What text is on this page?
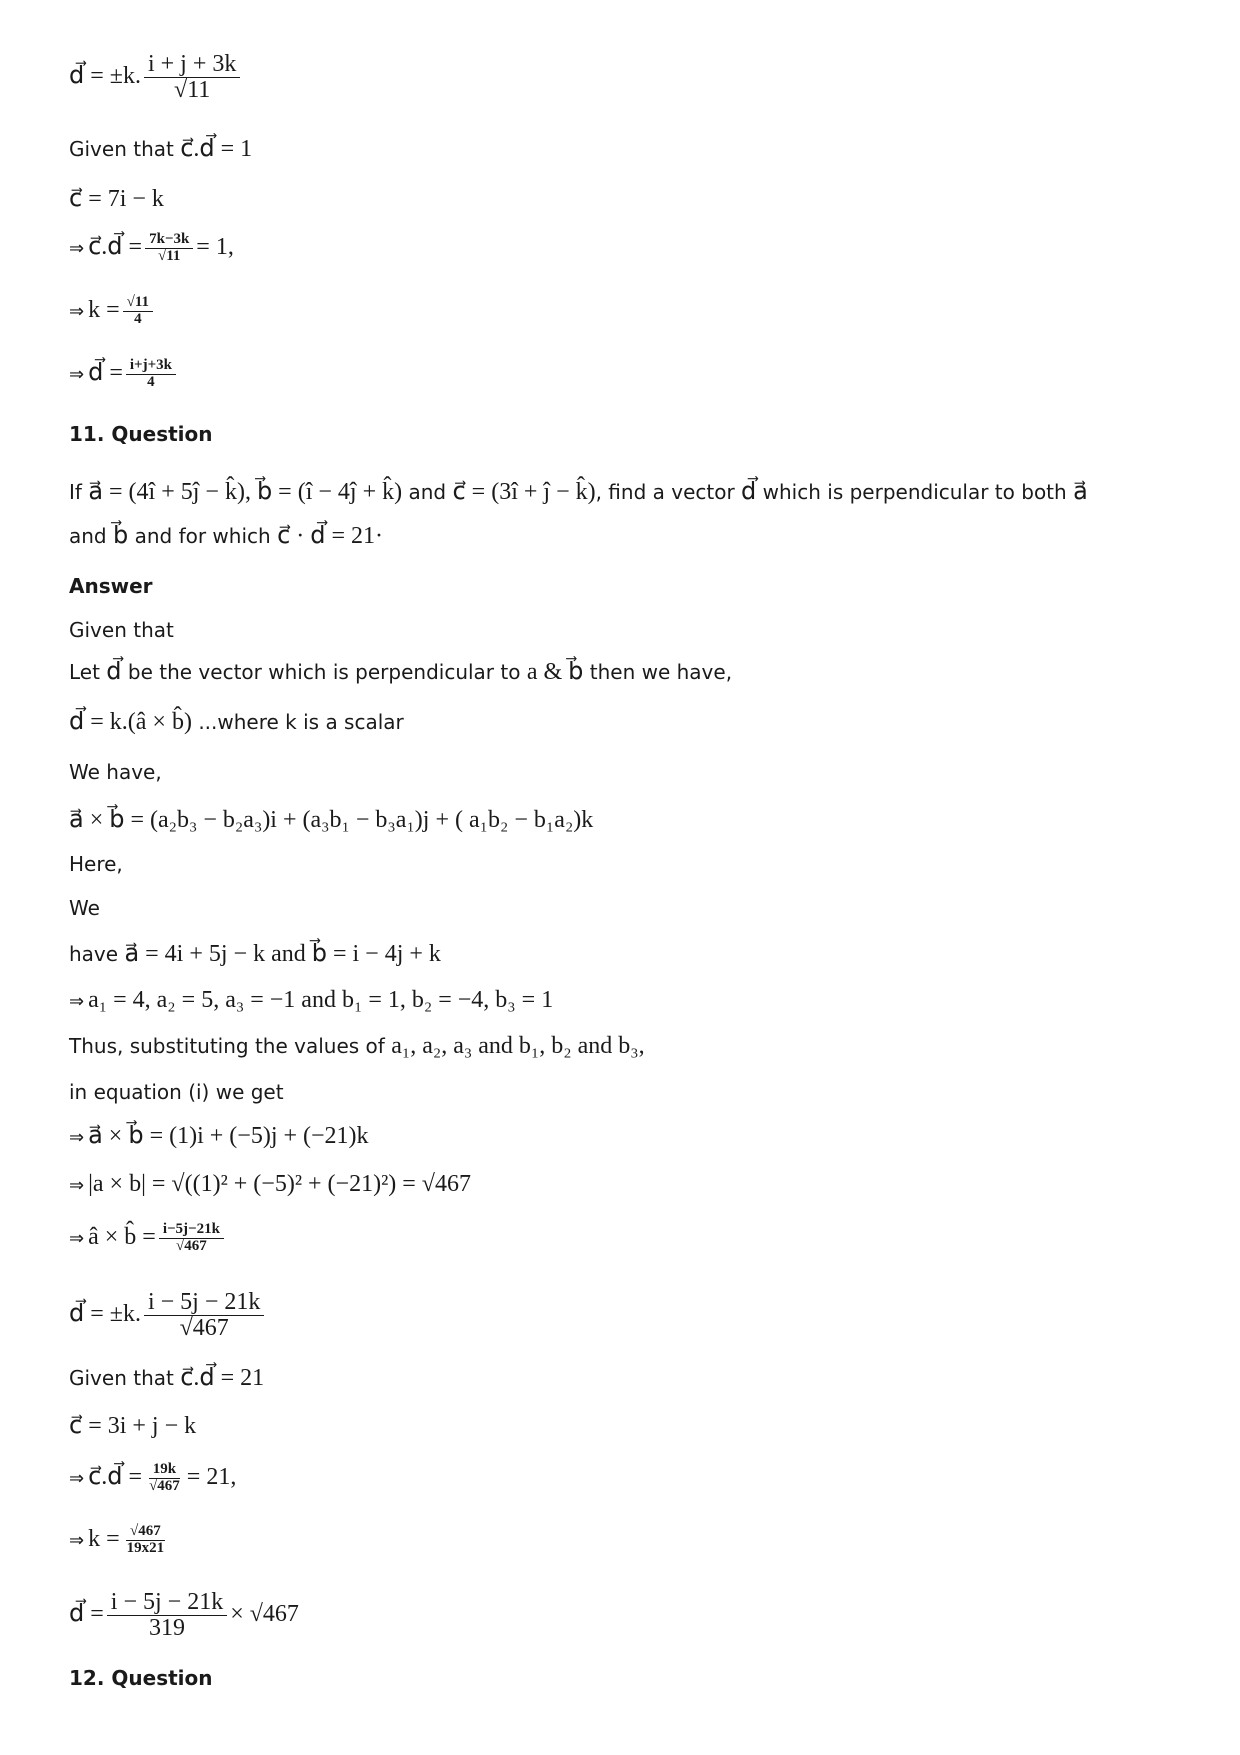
d⃗ = ±k. $\frac{i + j + 3k}{√11}$
Given that c⃗.d⃗ = 1
c⃗ = 7i − k
⇒ c⃗.d⃗ = $\frac{7k-3k}{√11} = 1$,
⇒ $k = \frac{√11}{4}$
⇒ d⃗ = $\frac{i+j+3k}{4}$
11. Question
If a⃗ = (4î + 5ĵ − k̂), b⃗ = (î − 4ĵ + k̂) and c⃗ = (3î + ĵ − k̂), find a vector d⃗ which is perpendicular to both a⃗
and b⃗ and for which c⃗ · d⃗ = 21·
Answer
Given that
Let d⃗ be the vector which is perpendicular to a & b⃗ then we have,
d⃗ = k.(â × b̂) ...where k is a scalar
We have,
a⃗ × b⃗ = (a₂b₃ − b₂a₃)i + (a₃b₁ − b₃a₁)j + ( a₁b₂ − b₁a₂)k
Here,
We
have a⃗ = 4i + 5j − k and b⃗ = i − 4j + k
⇒ a₁ = 4, a₂ = 5, a₃ = −1 and b₁ = 1, b₂ = −4, b₃ = 1
Thus, substituting the values of a₁, a₂, a₃ and b₁, b₂ and b₃,
in equation (i) we get
⇒ a⃗ × b⃗ = (1)i + (−5)j + (−21)k
⇒ |a × b| = √((1)² + (−5)² + (−21)²) = √467
⇒ â × b̂ = $\frac{i-5j-21k}{√467}$
d⃗ = ±k. $\frac{i - 5j - 21k}{√467}$
Given that c⃗.d⃗ = 21
c⃗ = 3i + j − k
⇒ c⃗.d⃗ = $\frac{19k}{√467} = 21$,
⇒ $k = \frac{√467}{19x21}$
d⃗ = $\frac{i - 5j - 21k}{319} \times √467$
12. Question
